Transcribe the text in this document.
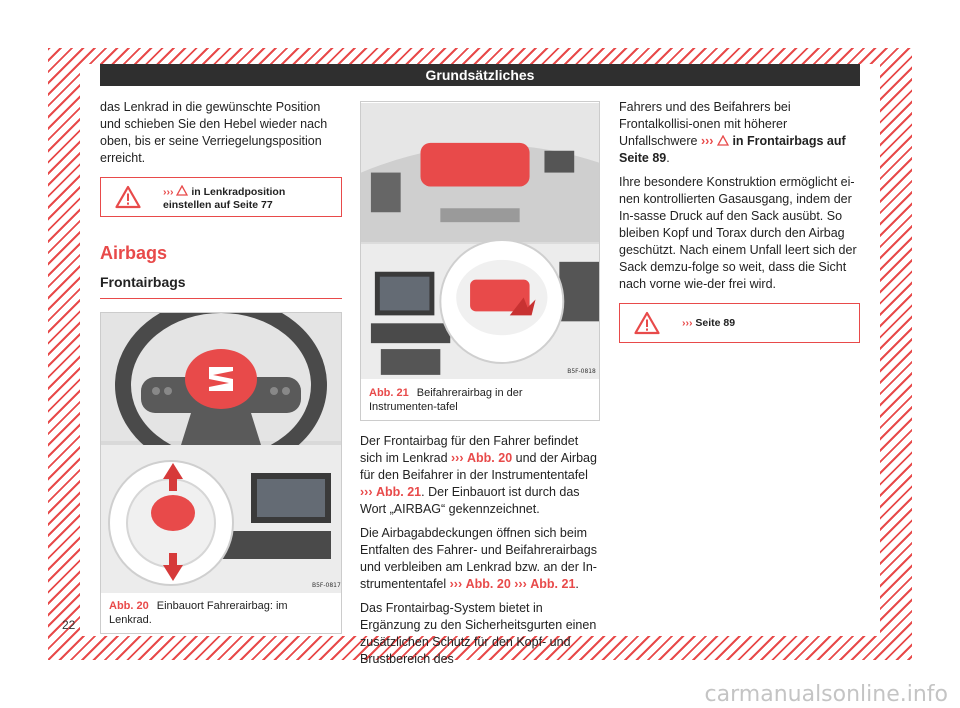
Grundsätzliches

das Lenkrad in die gewünschte Position und schieben Sie den Hebel wieder nach oben, bis er seine Verriegelungsposition erreicht.

››› in Lenkradposition einstellen auf Seite 77
Airbags
Frontairbags
B5F-0817
Abb. 20 Einbauort Fahrerairbag: im Lenkrad.
B5F-0818
Abb. 21 Beifahrerairbag in der Instrumenten-tafel

Der Frontairbag für den Fahrer befindet sich im Lenkrad ››› Abb. 20 und der Airbag für den Beifahrer in der Instrumententafel ››› Abb. 21. Der Einbauort ist durch das Wort „AIRBAG“ gekennzeichnet.

Die Airbagabdeckungen öffnen sich beim Entfalten des Fahrer- und Beifahrerairbags und verbleiben am Lenkrad bzw. an der In-strumententafel ››› Abb. 20 ››› Abb. 21.

Das Frontairbag-System bietet in Ergänzung zu den Sicherheitsgurten einen zusätzlichen Schutz für den Kopf- und Brustbereich des

Fahrers und des Beifahrers bei Frontalkollisi-onen mit höherer Unfallschwere ››› in Frontairbags auf Seite 89.

Ihre besondere Konstruktion ermöglicht ei-nen kontrollierten Gasausgang, indem der In-sasse Druck auf den Sack ausübt. So bleiben Kopf und Torax durch den Airbag geschützt. Nach einem Unfall leert sich der Sack demzu-folge so weit, dass die Sicht nach vorne wie-der frei wird.

››› Seite 89
22
carmanualsonline.info
